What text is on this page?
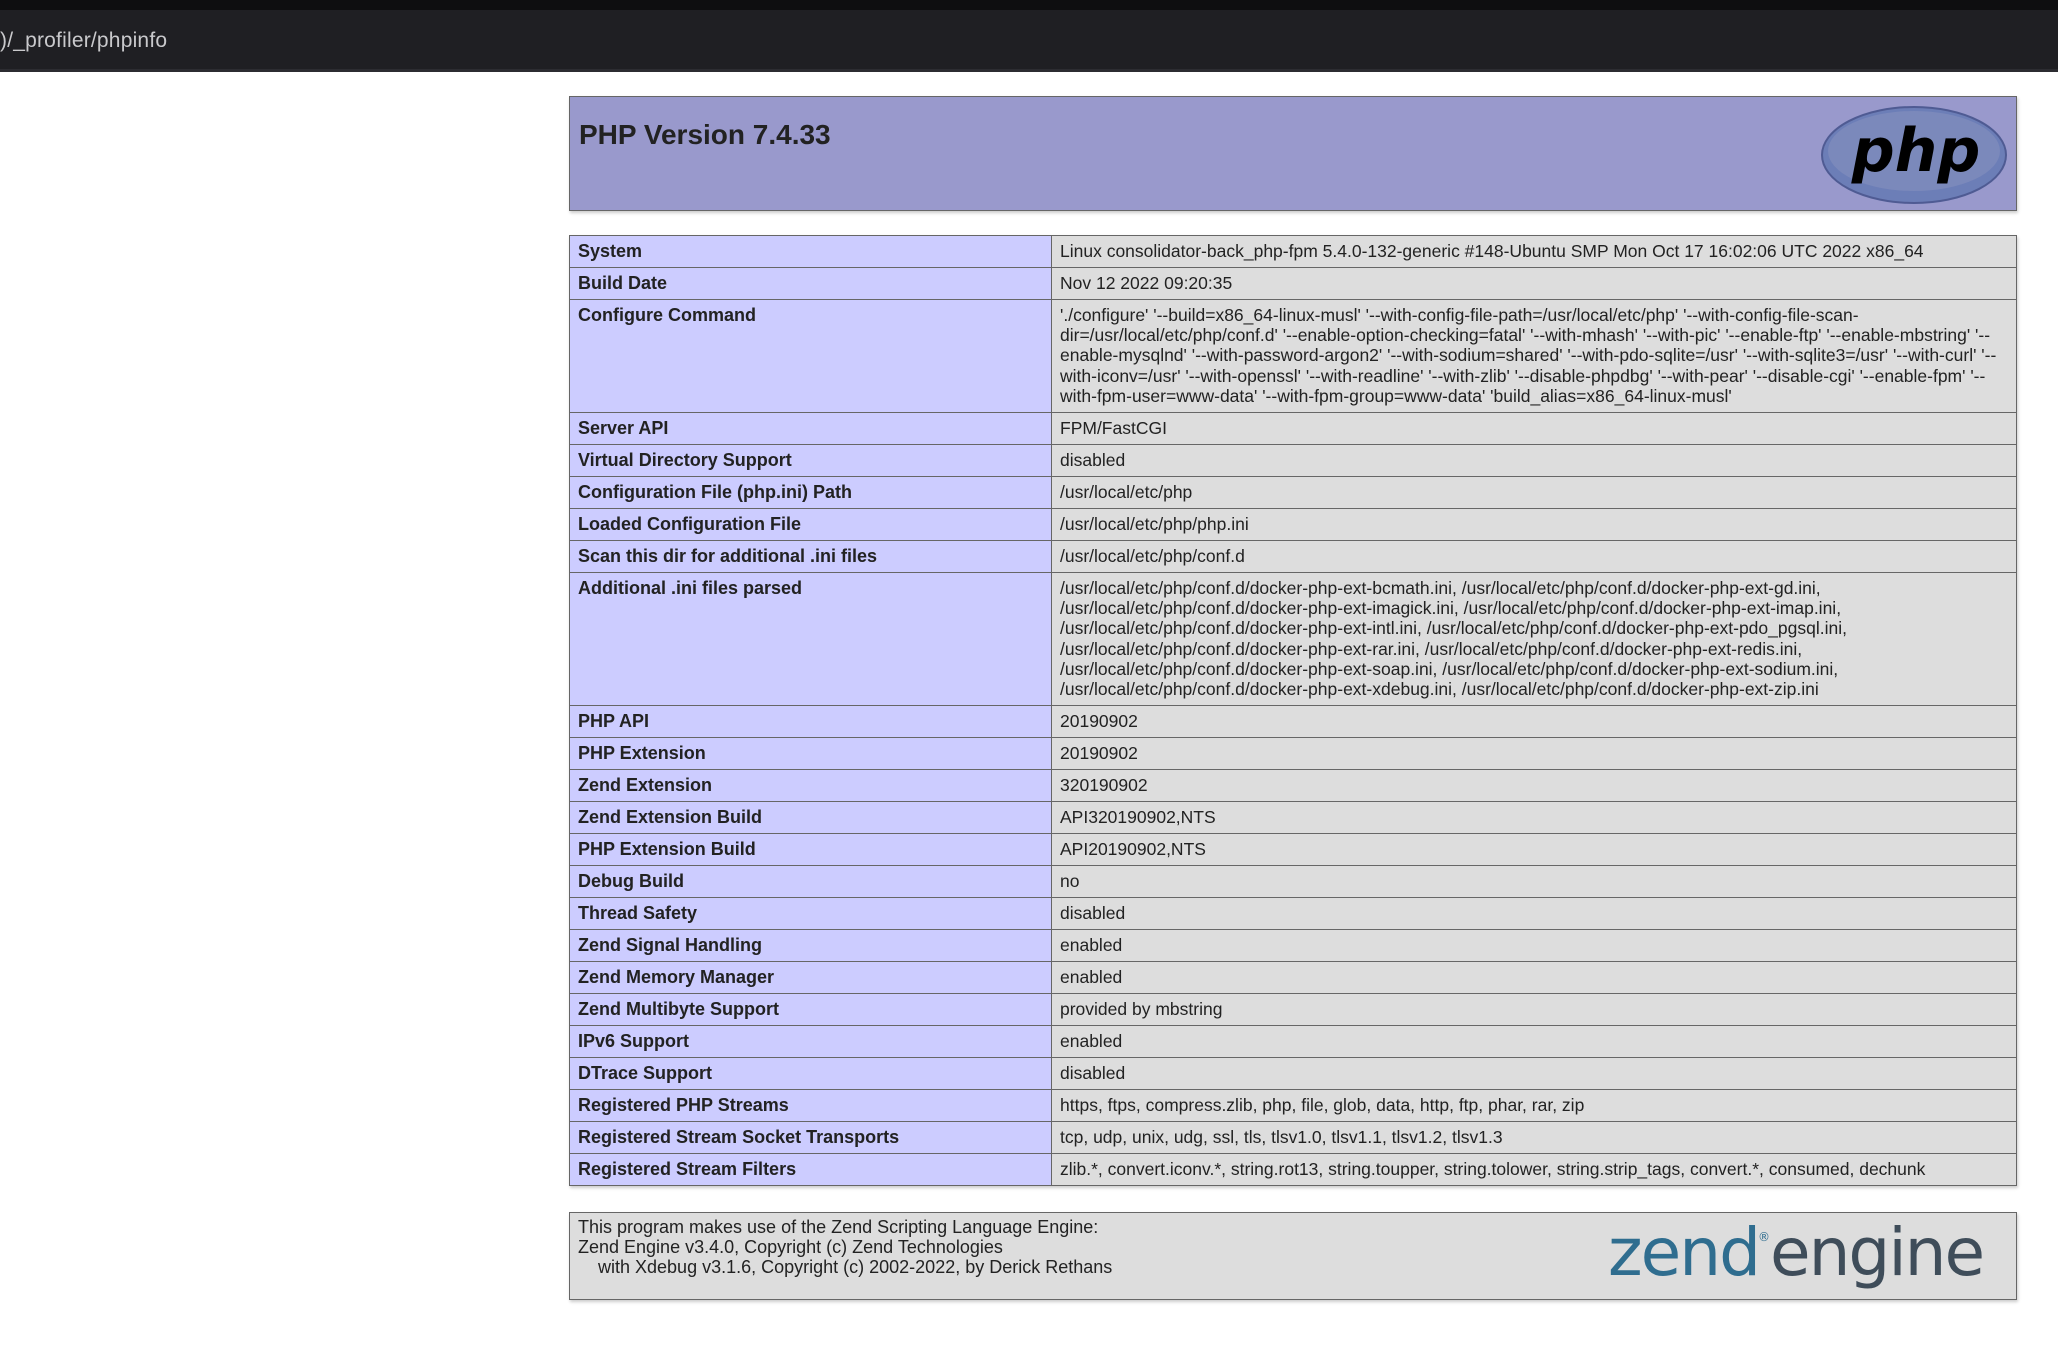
)/_profiler/phpinfo
PHP Version 7.4.33	php
System	Linux consolidator-back_php-fpm 5.4.0-132-generic #148-Ubuntu SMP Mon Oct 17 16:02:06 UTC 2022 x86_64
Build Date	Nov 12 2022 09:20:35
Configure Command	'./configure' '--build=x86_64-linux-musl' '--with-config-file-path=/usr/local/etc/php' '--with-config-file-scan-dir=/usr/local/etc/php/conf.d' '--enable-option-checking=fatal' '--with-mhash' '--with-pic' '--enable-ftp' '--enable-mbstring' '--enable-mysqlnd' '--with-password-argon2' '--with-sodium=shared' '--with-pdo-sqlite=/usr' '--with-sqlite3=/usr' '--with-curl' '--with-iconv=/usr' '--with-openssl' '--with-readline' '--with-zlib' '--disable-phpdbg' '--with-pear' '--disable-cgi' '--enable-fpm' '--with-fpm-user=www-data' '--with-fpm-group=www-data' 'build_alias=x86_64-linux-musl'
Server API	FPM/FastCGI
Virtual Directory Support	disabled
Configuration File (php.ini) Path	/usr/local/etc/php
Loaded Configuration File	/usr/local/etc/php/php.ini
Scan this dir for additional .ini files	/usr/local/etc/php/conf.d
Additional .ini files parsed	/usr/local/etc/php/conf.d/docker-php-ext-bcmath.ini, /usr/local/etc/php/conf.d/docker-php-ext-gd.ini, /usr/local/etc/php/conf.d/docker-php-ext-imagick.ini, /usr/local/etc/php/conf.d/docker-php-ext-imap.ini, /usr/local/etc/php/conf.d/docker-php-ext-intl.ini, /usr/local/etc/php/conf.d/docker-php-ext-pdo_pgsql.ini, /usr/local/etc/php/conf.d/docker-php-ext-rar.ini, /usr/local/etc/php/conf.d/docker-php-ext-redis.ini, /usr/local/etc/php/conf.d/docker-php-ext-soap.ini, /usr/local/etc/php/conf.d/docker-php-ext-sodium.ini, /usr/local/etc/php/conf.d/docker-php-ext-xdebug.ini, /usr/local/etc/php/conf.d/docker-php-ext-zip.ini
PHP API	20190902
PHP Extension	20190902
Zend Extension	320190902
Zend Extension Build	API320190902,NTS
PHP Extension Build	API20190902,NTS
Debug Build	no
Thread Safety	disabled
Zend Signal Handling	enabled
Zend Memory Manager	enabled
Zend Multibyte Support	provided by mbstring
IPv6 Support	enabled
DTrace Support	disabled
Registered PHP Streams	https, ftps, compress.zlib, php, file, glob, data, http, ftp, phar, rar, zip
Registered Stream Socket Transports	tcp, udp, unix, udg, ssl, tls, tlsv1.0, tlsv1.1, tlsv1.2, tlsv1.3
Registered Stream Filters	zlib.*, convert.iconv.*, string.rot13, string.toupper, string.tolower, string.strip_tags, convert.*, consumed, dechunk
This program makes use of the Zend Scripting Language Engine:
Zend Engine v3.4.0, Copyright (c) Zend Technologies
with Xdebug v3.1.6, Copyright (c) 2002-2022, by Derick Rethans	zend ® engine
